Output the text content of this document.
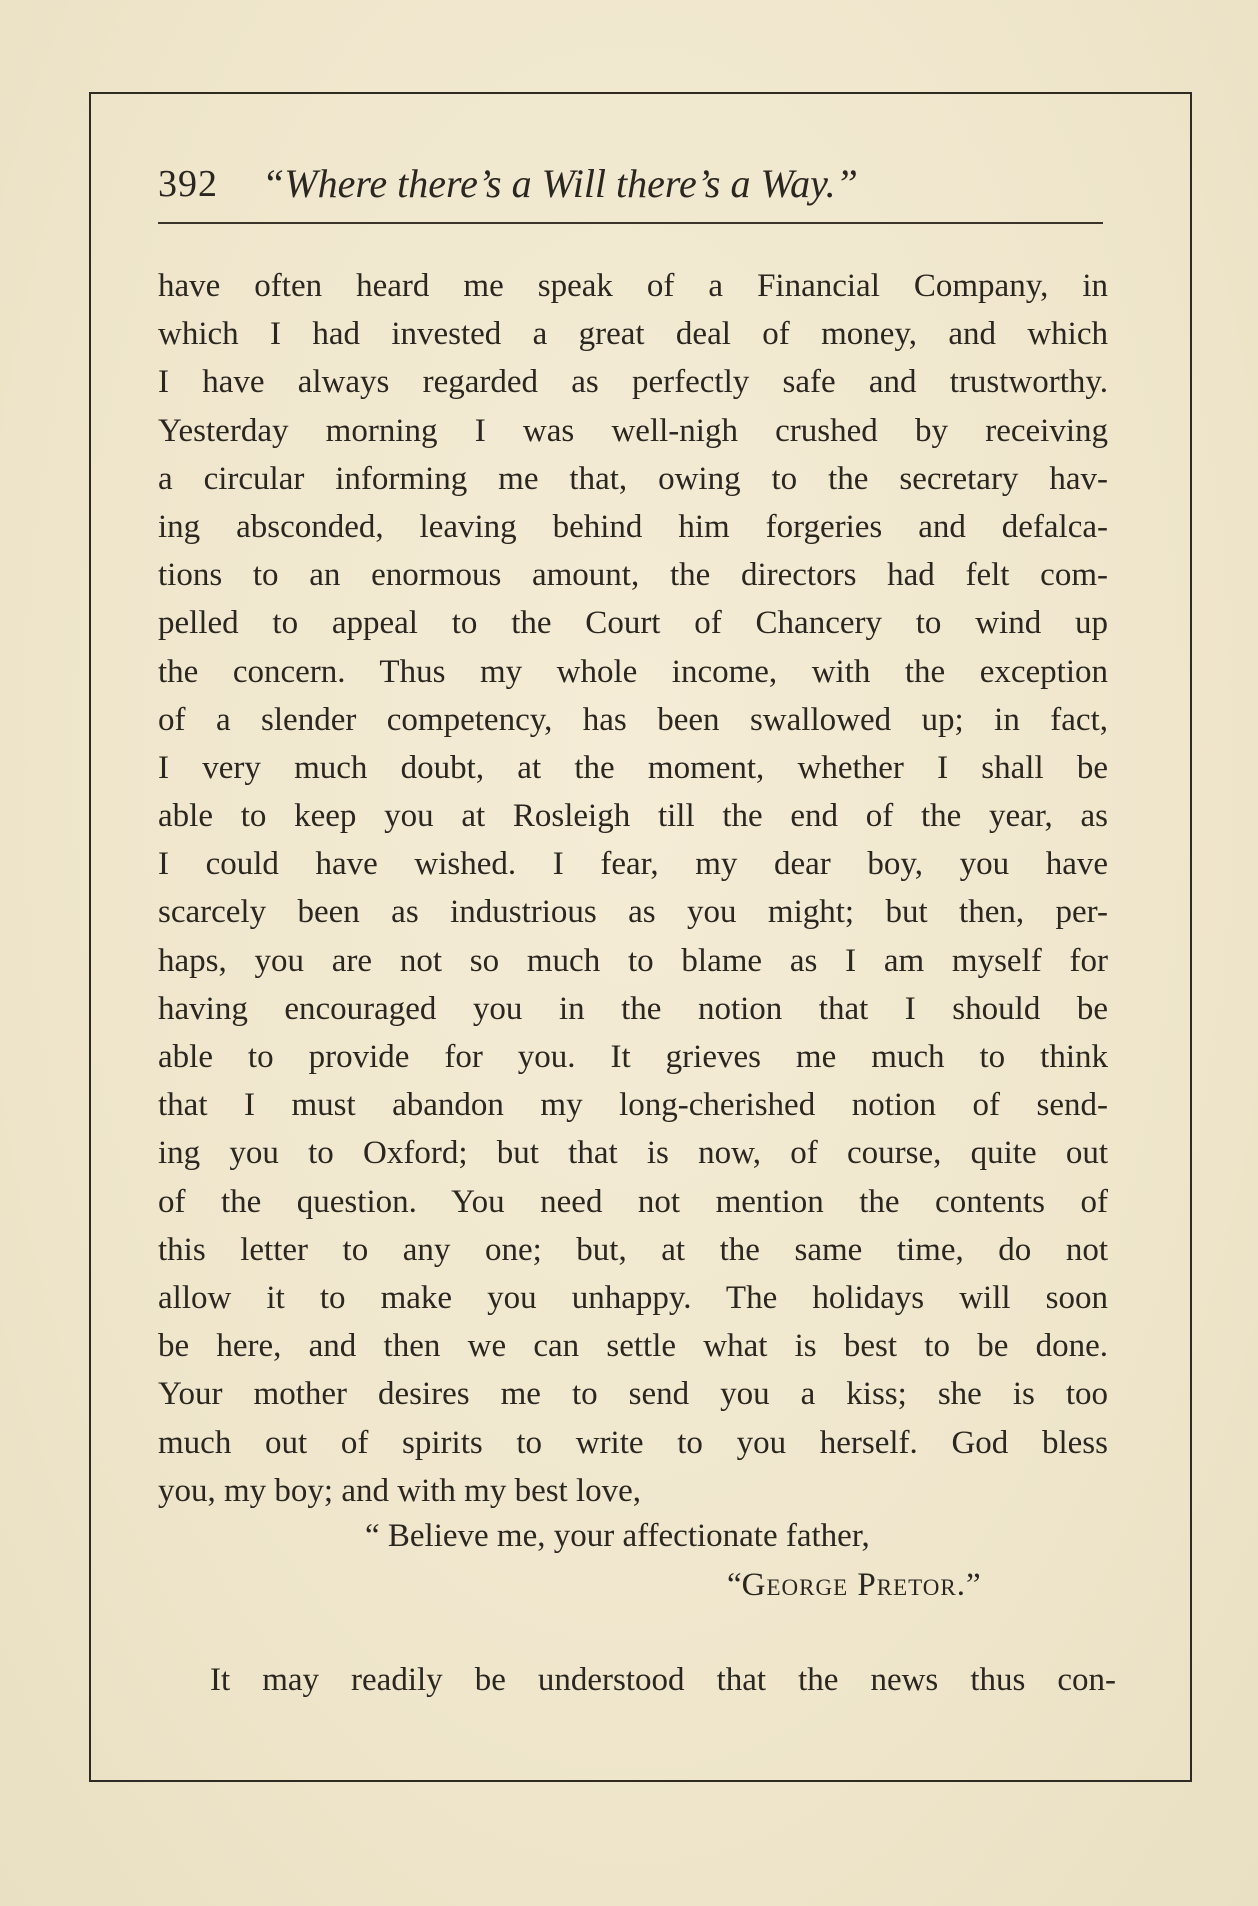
392 “Where there’s a Will there’s a Way.”
have often heard me speak of a Financial Company, in
which I had invested a great deal of money, and which
I have always regarded as perfectly safe and trustworthy.
Yesterday morning I was well-nigh crushed by receiving
a circular informing me that, owing to the secretary hav-
ing absconded, leaving behind him forgeries and defalca-
tions to an enormous amount, the directors had felt com-
pelled to appeal to the Court of Chancery to wind up
the concern. Thus my whole income, with the exception
of a slender competency, has been swallowed up; in fact,
I very much doubt, at the moment, whether I shall be
able to keep you at Rosleigh till the end of the year, as
I could have wished. I fear, my dear boy, you have
scarcely been as industrious as you might; but then, per-
haps, you are not so much to blame as I am myself for
having encouraged you in the notion that I should be
able to provide for you. It grieves me much to think
that I must abandon my long-cherished notion of send-
ing you to Oxford; but that is now, of course, quite out
of the question. You need not mention the contents of
this letter to any one; but, at the same time, do not
allow it to make you unhappy. The holidays will soon
be here, and then we can settle what is best to be done.
Your mother desires me to send you a kiss; she is too
much out of spirits to write to you herself. God bless
you, my boy; and with my best love,
“ Believe me, your affectionate father,
“George Pretor.”
It may readily be understood that the news thus con-
